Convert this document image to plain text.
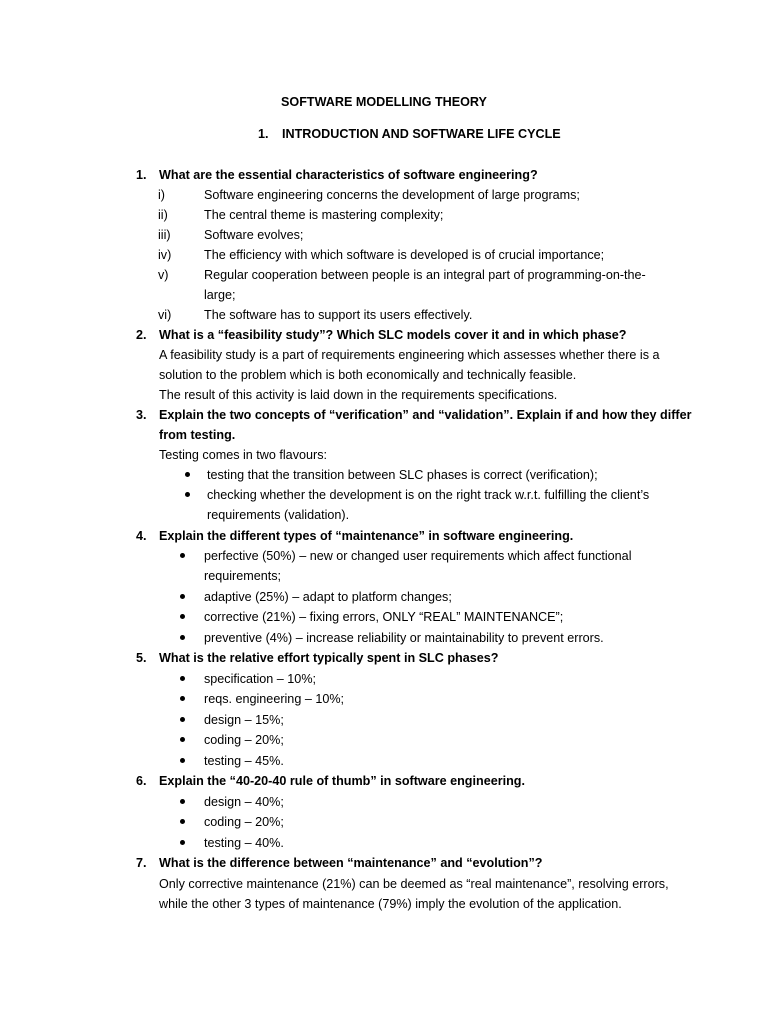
SOFTWARE MODELLING THEORY
1. INTRODUCTION AND SOFTWARE LIFE CYCLE
1. What are the essential characteristics of software engineering?
i)	Software engineering concerns the development of large programs;
ii)	The central theme is mastering complexity;
iii)	Software evolves;
iv)	The efficiency with which software is developed is of crucial importance;
v)	Regular cooperation between people is an integral part of programming-on-the-
large;
vi)	The software has to support its users effectively.
2. What is a “feasibility study”? Which SLC models cover it and in which phase?
A feasibility study is a part of requirements engineering which assesses whether there is a
solution to the problem which is both economically and technically feasible.
The result of this activity is laid down in the requirements specifications.
3. Explain the two concepts of “verification” and “validation”. Explain if and how they differ
from testing.
Testing comes in two flavours:
testing that the transition between SLC phases is correct (verification);
checking whether the development is on the right track w.r.t. fulfilling the client’s
requirements (validation).
4. Explain the different types of “maintenance” in software engineering.
perfective (50%) – new or changed user requirements which affect functional
requirements;
adaptive (25%) – adapt to platform changes;
corrective (21%) – fixing errors, ONLY “REAL” MAINTENANCE”;
preventive (4%) – increase reliability or maintainability to prevent errors.
5. What is the relative effort typically spent in SLC phases?
specification – 10%;
reqs. engineering – 10%;
design – 15%;
coding – 20%;
testing – 45%.
6. Explain the “40-20-40 rule of thumb” in software engineering.
design – 40%;
coding – 20%;
testing – 40%.
7. What is the difference between “maintenance” and “evolution”?
Only corrective maintenance (21%) can be deemed as “real maintenance”, resolving errors,
while the other 3 types of maintenance (79%) imply the evolution of the application.
